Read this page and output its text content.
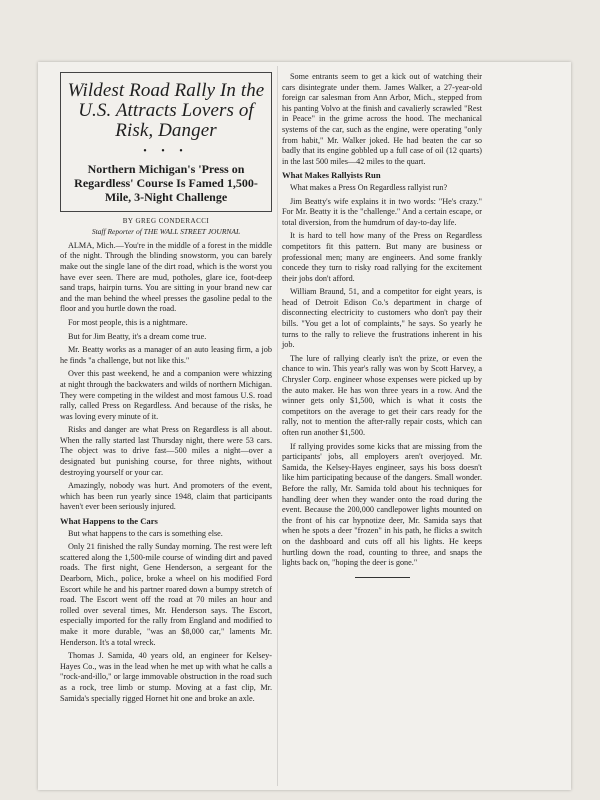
Wildest Road Rally In the U.S. Attracts Lovers of Risk, Danger
• • •
Northern Michigan's 'Press on Regardless' Course Is Famed 1,500-Mile, 3-Night Challenge
BY GREG CONDERACCI
Staff Reporter of THE WALL STREET JOURNAL

ALMA, Mich.—You're in the middle of a forest in the middle of the night. Through the blinding snowstorm, you can barely make out the single lane of the dirt road, which is the worst you have ever seen. There are mud, potholes, glare ice, foot-deep sand traps, hairpin turns. You are sitting in your brand new car and the man behind the wheel presses the gasoline pedal to the floor and you hurtle down the road.

For most people, this is a nightmare.

But for Jim Beatty, it's a dream come true.

Mr. Beatty works as a manager of an auto leasing firm, a job he finds "a challenge, but not like this."

Over this past weekend, he and a companion were whizzing at night through the backwaters and wilds of northern Michigan. They were competing in the wildest and most famous U.S. road rally, called Press on Regardless. And because of the risks, he was loving every minute of it.

Risks and danger are what Press on Regardless is all about. When the rally started last Thursday night, there were 53 cars. The object was to drive fast—500 miles a night—over a designated but punishing course, for three nights, without destroying yourself or your car.

Amazingly, nobody was hurt. And promoters of the event, which has been run yearly since 1948, claim that participants haven't ever been seriously injured.

What Happens to the Cars

But what happens to the cars is something else.

Only 21 finished the rally Sunday morning. The rest were left scattered along the 1,500-mile course of winding dirt and paved roads. The first night, Gene Henderson, a sergeant for the Dearborn, Mich., police, broke a wheel on his modified Ford Escort while he and his partner roared down a bumpy stretch of road. The Escort went off the road at 70 miles an hour and rolled over several times, Mr. Henderson says. The Escort, especially imported for the rally from England and modified to make it more durable, "was an $8,000 car," laments Mr. Henderson. It's a total wreck.

Thomas J. Samida, 40 years old, an engineer for Kelsey-Hayes Co., was in the lead when he met up with what he calls a "rock-and-illo," or large immovable obstruction in the road such as a rock, tree limb or stump. Moving at a fast clip, Mr. Samida's specially rigged Hornet hit one and broke an axle.

Some entrants seem to get a kick out of watching their cars disintegrate under them. James Walker, a 27-year-old foreign car salesman from Ann Arbor, Mich., stepped from his panting Volvo at the finish and cavalierly scrawled "Rest in Peace" in the grime across the hood. The mechanical systems of the car, such as the engine, were operating "only from habit," Mr. Walker joked. He had beaten the car so badly that its engine gobbled up a full case of oil (12 quarts) in the last 500 miles—42 miles to the quart.

What Makes Rallyists Run

What makes a Press On Regardless rallyist run?

Jim Beatty's wife explains it in two words: "He's crazy." For Mr. Beatty it is the "challenge." And a certain escape, or total diversion, from the humdrum of day-to-day life.

It is hard to tell how many of the Press on Regardless competitors fit this pattern. But many are business or professional men; many are engineers. And some frankly concede they turn to risky road rallying for the excitement their jobs don't afford.

William Braund, 51, and a competitor for eight years, is head of Detroit Edison Co.'s department in charge of disconnecting electricity to customers who don't pay their bills. "You get a lot of complaints," he says. So yearly he turns to the rally to relieve the frustrations inherent in his job.

The lure of rallying clearly isn't the prize, or even the chance to win. This year's rally was won by Scott Harvey, a Chrysler Corp. engineer whose expenses were picked up by the auto maker. He has won three years in a row. And the winner gets only $1,500, which is what it costs the competitors on the average to get their cars ready for the rally, not to mention the after-rally repair costs, which can often run another $1,500.

If rallying provides some kicks that are missing from the participants' jobs, all employers aren't overjoyed. Mr. Samida, the Kelsey-Hayes engineer, says his boss doesn't like him participating because of the dangers. Small wonder. Before the rally, Mr. Samida told about his techniques for handling deer when they wander onto the road during the event. Because the 200,000 candlepower lights mounted on the front of his car hypnotize deer, Mr. Samida says that when he spots a deer "frozen" in his path, he flicks a switch on the dashboard and cuts off all his lights. He keeps hurtling down the road, counting to three, and snaps the lights back on, "hoping the deer is gone."
